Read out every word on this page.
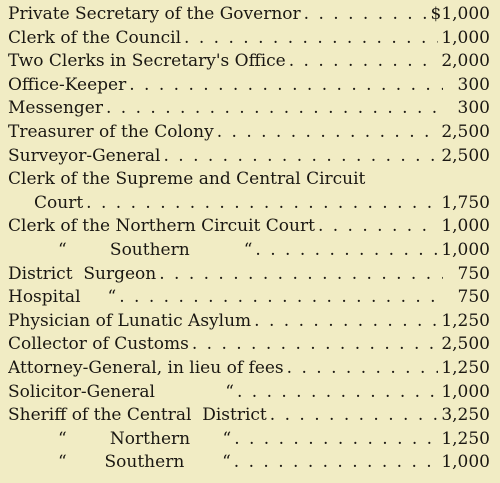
Private Secretary of the Governor . . .	$1,000
Clerk of the Council . . .	1,000
Two Clerks in Secretary's Office . . .	2,000
Office-Keeper . . .	300
Messenger . . .	300
Treasurer of the Colony . . .	2,500
Surveyor-General . . .	2,500
Clerk of the Supreme and Central Circuit
Court . . .	1,750
Clerk of the Northern Circuit Court . . .	1,000
“        Southern          “ . . .	1,000
District  Surgeon . . .	750
Hospital     “ . . .	750
Physician of Lunatic Asylum . . .	1,250
Collector of Customs . . .	2,500
Attorney-General, in lieu of fees . . .	1,250
Solicitor-General             “ . . .	1,000
Sheriff of the Central  District . . .	3,250
“        Northern      “ . . .	1,250
“       Southern       “ . . .	1,000
